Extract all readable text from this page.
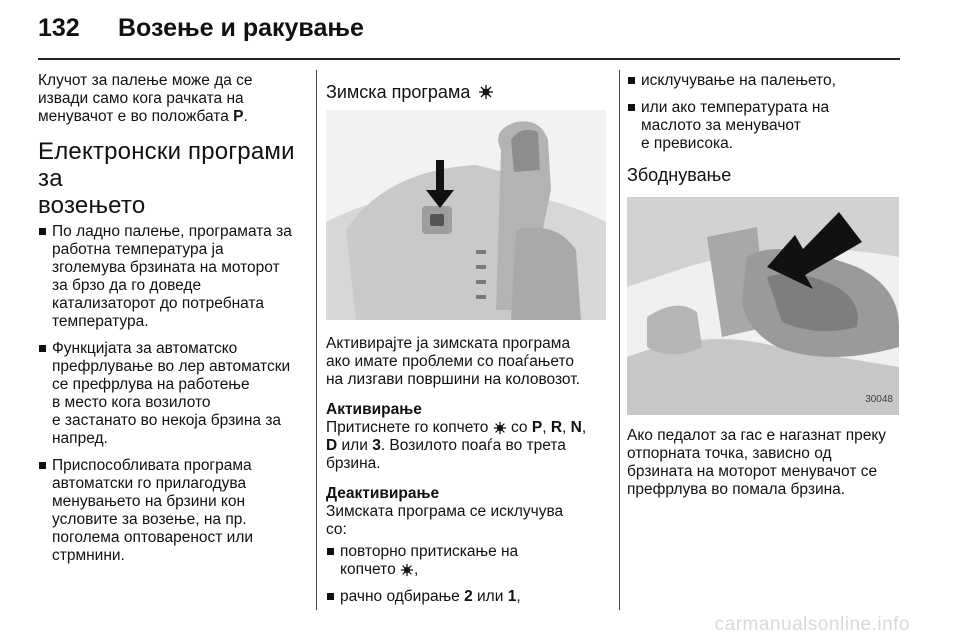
132 Возење и ракување

Клучот за палење може да се
извади само кога рачката на
менувачот е во положбата P.

Електронски програми за
возењето
По ладно палење, програмата за
работна температура ја
зголемува брзината на моторот
за брзо да го доведе
катализаторот до потребната
температура.
Функцијата за автоматско
префрлување во лер автоматски
се префрлува на работење
в место кога возилото
е застанато во некоја брзина за
напред.
Приспособливата програма
автоматски го прилагодува
менувањето на брзини кон
условите за возење, на пр.
поголема оптовареност или
стрмнини.
Зимска програма

Активирајте ја зимската програма
ако имате проблеми со поаѓањето
на лизгави површини на коловозот.

Активирање

Притиснете го копчето  со P, R, N,
D или 3. Возилото поаѓа во трета
брзина.

Деактивирање

Зимската програма се исклучува
со:

повторно притискање на
копчето ,
рачно одбирање 2 или 1,
исклучување на палењето,
или ако температурата на
маслото за менувачот
е превисока.
Збоднување
30048

Ако педалот за гас е нагазнат преку
отпорната точка, зависно од
брзината на моторот менувачот се
префрлува во помала брзина.

carmanualsonline.info
